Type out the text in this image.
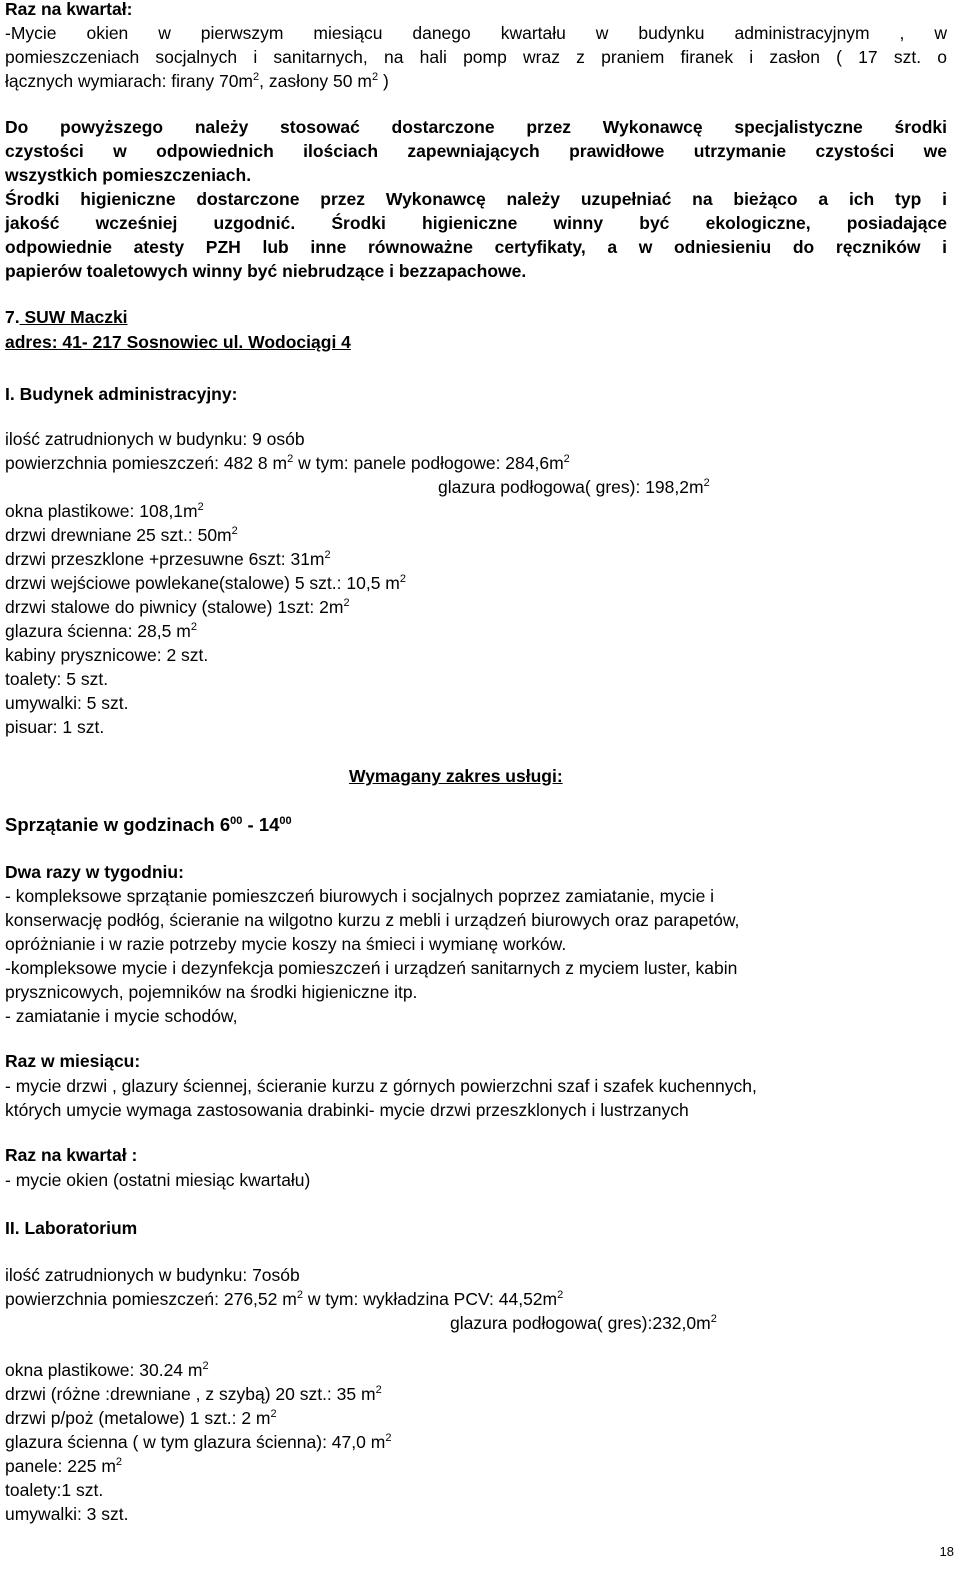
Raz na kwartał:
-Mycie okien w pierwszym miesiącu danego kwartału w budynku administracyjnym , w
pomieszczeniach socjalnych i sanitarnych, na hali pomp wraz z praniem firanek i zasłon ( 17 szt. o
łącznych wymiarach: firany $70m^2$, zasłony 50 $m^2$ )
Do powyższego należy stosować dostarczone przez Wykonawcę specjalistyczne środki
czystości w odpowiednich ilościach zapewniających prawidłowe utrzymanie czystości we
wszystkich pomieszczeniach.
Środki higieniczne dostarczone przez Wykonawcę należy uzupełniać na bieżąco a ich typ i
jakość wcześniej uzgodnić. Środki higieniczne winny być ekologiczne, posiadające
odpowiednie atesty PZH lub inne równoważne certyfikaty, a w odniesieniu do ręczników i
papierów toaletowych winny być niebrudzące i bezzapachowe.
7. SUW Maczki
adres: 41- 217 Sosnowiec ul. Wodociągi 4
I. Budynek administracyjny:
ilość zatrudnionych w budynku: 9 osób
powierzchnia pomieszczeń: 482 8 $m^2$ w tym: panele podłogowe: $284,6m^2$
glazura podłogowa( gres): $198,2m^2$
okna plastikowe: $108,1m^2$
drzwi drewniane 25 szt.: $50m^2$
drzwi przeszklone +przesuwne 6szt: $31m^2$
drzwi wejściowe powlekane(stalowe) 5 szt.: 10,5 $m^2$
drzwi stalowe do piwnicy (stalowe) 1szt: $2m^2$
glazura ścienna: 28,5 $m^2$
kabiny prysznicowe: 2 szt.
toalety: 5 szt.
umywalki: 5 szt.
pisuar: 1 szt.
Wymagany zakres usługi:
Sprzątanie w godzinach $6^{00} - 14^{00}$
Dwa razy w tygodniu:
- kompleksowe sprzątanie pomieszczeń biurowych i socjalnych poprzez zamiatanie, mycie i
konserwację podłóg, ścieranie na wilgotno kurzu z mebli i urządzeń biurowych oraz parapetów,
opróżnianie i w razie potrzeby mycie koszy na śmieci i wymianę worków.
-kompleksowe mycie i dezynfekcja pomieszczeń i urządzeń sanitarnych z myciem luster, kabin
prysznicowych, pojemników na środki higieniczne itp.
- zamiatanie i mycie schodów,
Raz w miesiącu:
- mycie drzwi , glazury ściennej, ścieranie kurzu z górnych powierzchni szaf i szafek kuchennych,
których umycie wymaga zastosowania drabinki- mycie drzwi przeszklonych i lustrzanych
Raz na kwartał :
- mycie okien (ostatni miesiąc kwartału)
II. Laboratorium
ilość zatrudnionych w budynku: 7osób
powierzchnia pomieszczeń: 276,52 $m^2$ w tym: wykładzina PCV: $44,52m^2$
glazura podłogowa( $gres):232,0m^2$
okna plastikowe: 30.24 $m^2$
drzwi (różne :drewniane , z szybą) 20 szt.: 35 $m^2$
drzwi p/poż (metalowe) 1 szt.: 2 $m^2$
glazura ścienna ( w tym glazura ścienna): 47,0 $m^2$
panele: 225 $m^2$
toalety:1 szt.
umywalki: 3 szt.
18
